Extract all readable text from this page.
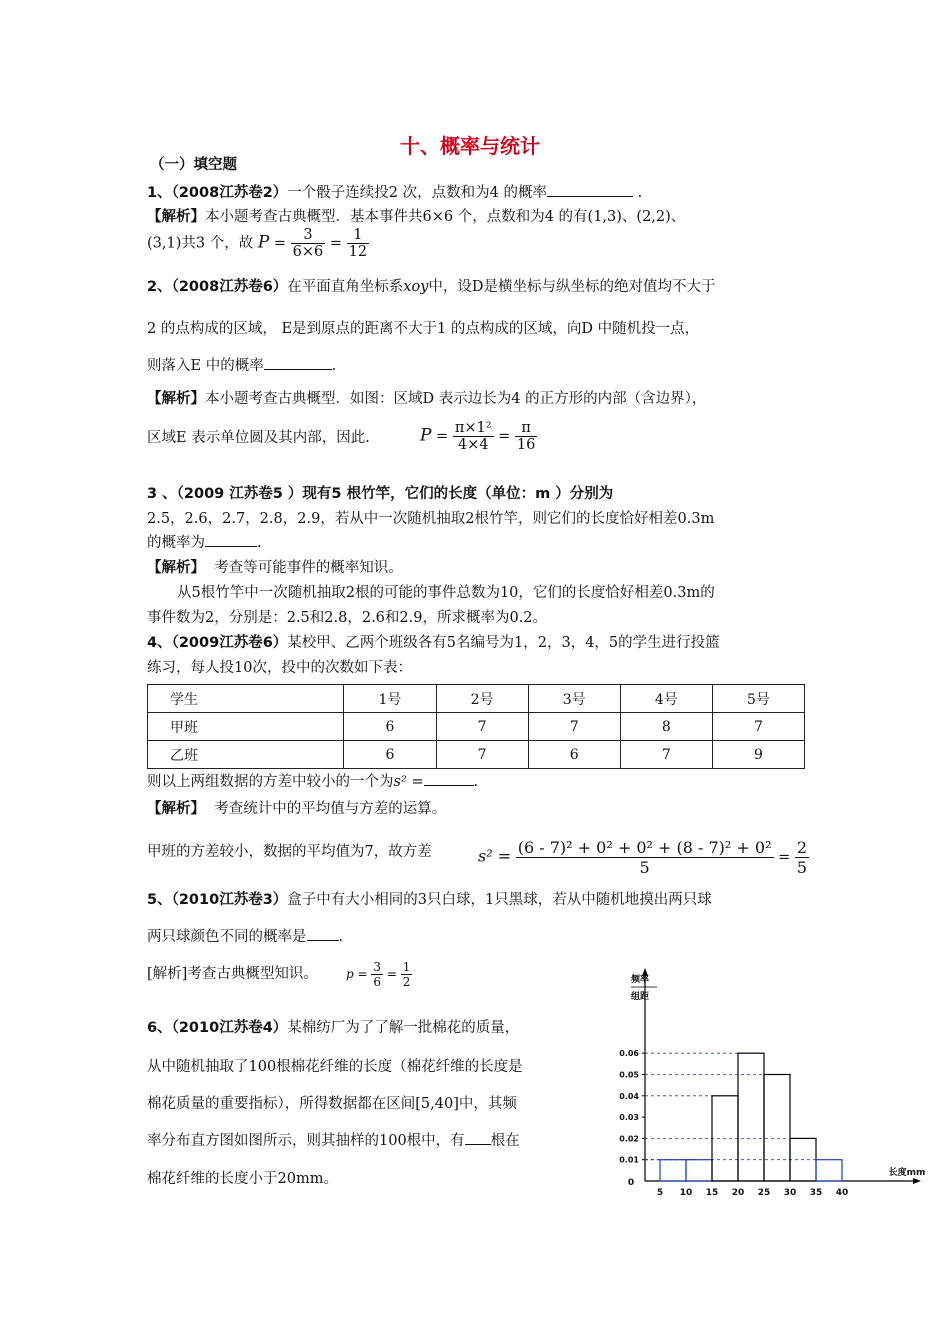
十、概率与统计
（一）填空题
1、（2008江苏卷2）一个骰子连续投2 次，点数和为4 的概率	.
【解析】本小题考查古典概型．基本事件共6×6 个，点数和为4 的有(1,3)、(2,2)、
(3,1)共3 个，故 $P = \frac{3}{6\times 6} = \frac{1}{12}$
2、（2008江苏卷6）在平面直角坐标系xoy中，设D是横坐标与纵坐标的绝对值均不大于
2 的点构成的区域， E是到原点的距离不大于1 的点构成的区域，向D 中随机投一点，
则落入E 中的概率	.
【解析】本小题考查古典概型．如图：区域D 表示边长为4 的正方形的内部（含边界），
区域E 表示单位圆及其内部，因此.	$P = \frac{\text{π×1²}}{4\times 4} = \frac{\pi}{16}$
3 、（2009 江苏卷5 ）现有5 根竹竿，它们的长度（单位：m ）分别为
2.5，2.6，2.7，2.8，2.9，若从中一次随机抽取2根竹竿，则它们的长度恰好相差0.3m
的概率为	.
【解析】 考查等可能事件的概率知识。
从5根竹竿中一次随机抽取2根的可能的事件总数为10，它们的长度恰好相差0.3m的
事件数为2，分别是：2.5和2.8，2.6和2.9，所求概率为0.2。
4、（2009江苏卷6）某校甲、乙两个班级各有5名编号为1，2，3，4，5的学生进行投篮
练习，每人投10次，投中的次数如下表：
学生	1号	2号	3号	4号	5号
甲班	6	7	7	8	7
乙班	6	7	6	7	9
则以上两组数据的方差中较小的一个为s² =	.
【解析】 考查统计中的平均值与方差的运算。
甲班的方差较小，数据的平均值为7，故方差	$s^2 = \frac{\text{(6 - 7)² + 0² + 0² + (8 - 7)² + 0²}}{5} = \frac{2}{5}$
5、（2010江苏卷3）盒子中有大小相同的3只白球，1只黑球，若从中随机地摸出两只球
两只球颜色不同的概率是 .
[解析]考查古典概型知识。 $p = \frac{3}{6} = \frac{1}{2}$
6、（2010江苏卷4）某棉纺厂为了了解一批棉花的质量，
从中随机抽取了100根棉花纤维的长度（棉花纤维的长度是
棉花质量的重要指标），所得数据都在区间[5,40]中，其频
率分布直方图如图所示，则其抽样的100根中，有 根在
棉花纤维的长度小于20mm。
频率
组距
长度mm
0
0.01
0.02
0.03
0.04
0.05
0.06
5 10 15 20 25 30 35 40
